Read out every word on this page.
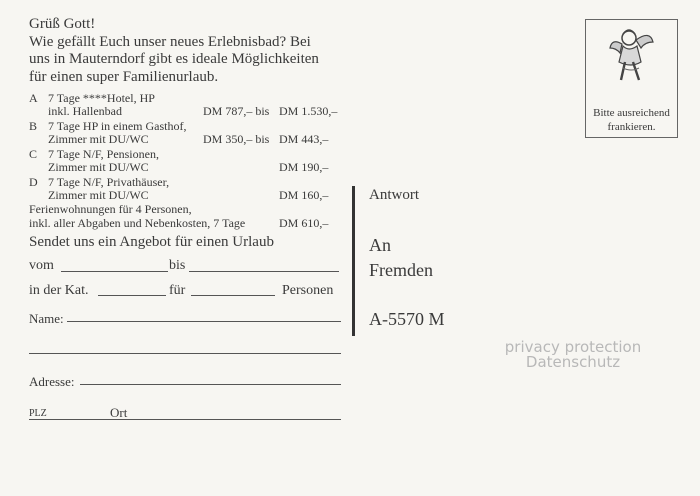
Grüß Gott!
Wie gefällt Euch unser neues Erlebnisbad? Bei
uns in Mauterndorf gibt es ideale Möglichkeiten
für einen super Familienurlaub.
A 7 Tage ****Hotel, HP
inkl. Hallenbad	DM 787,– bis DM 1.530,–
B 7 Tage HP in einem Gasthof,
Zimmer mit DU/WC	DM 350,– bis DM 443,–
C 7 Tage N/F, Pensionen,
Zimmer mit DU/WC	DM 190,–
D 7 Tage N/F, Privathäuser,
Zimmer mit DU/WC	DM 160,–
Ferienwohnungen für 4 Personen,
inkl. aller Abgaben und Nebenkosten, 7 Tage	DM 610,–
Sendet uns ein Angebot für einen Urlaub
vom	bis
in der Kat.	für	Personen
Name:
Adresse:
PLZ	Ort
Bitte ausreichend
frankieren.
Antwort
An
Fremden
A-5570 M
privacy protection
Datenschutz
